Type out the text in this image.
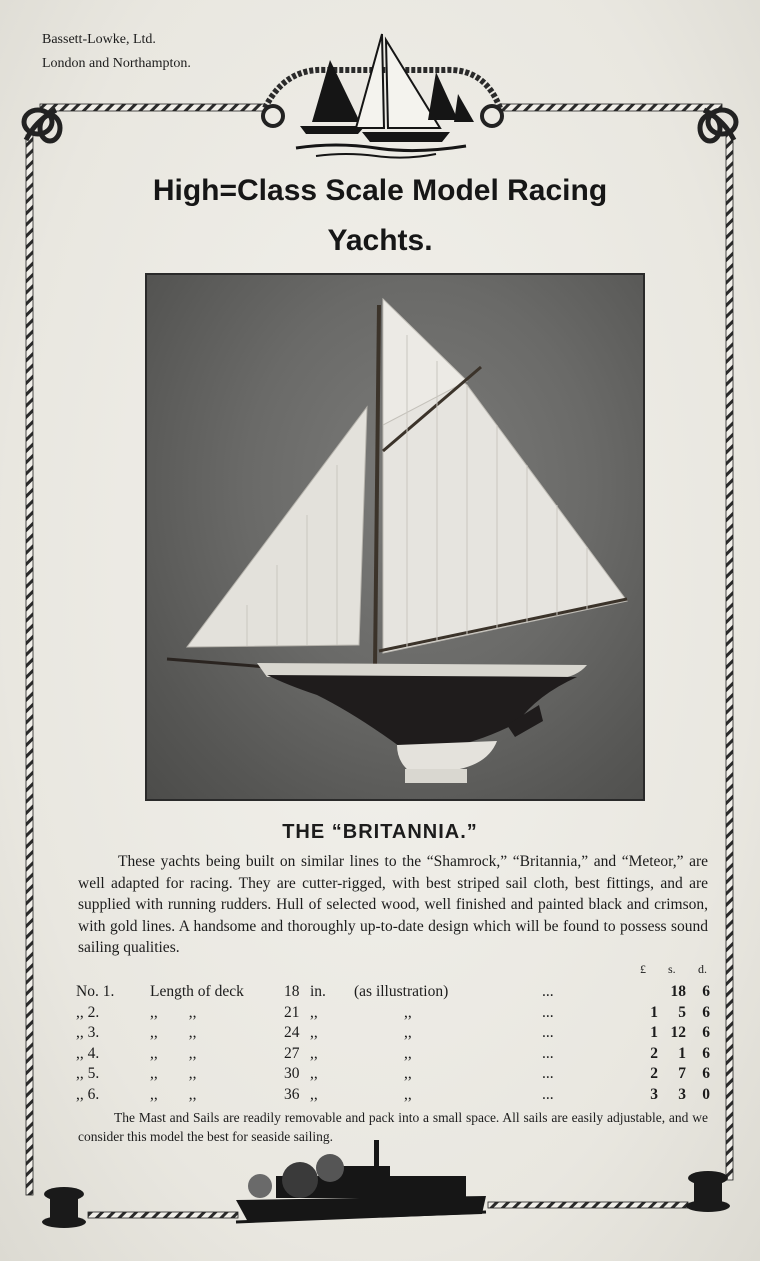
Bassett-Lowke, Ltd.
London and Northampton.
High=Class Scale Model Racing
Yachts.
THE “BRITANNIA.”
These yachts being built on similar lines to the “Shamrock,” “Britannia,” and “Meteor,” are well adapted for racing. They are cutter-rigged, with best striped sail cloth, best fittings, and are supplied with running rudders. Hull of selected wood, well finished and painted black and crimson, with gold lines. A handsome and thoroughly up-to-date design which will be found to possess sound sailing qualities.
£ s. d.
No. 1.	Length of deck	18	in.	(as illustration)	...		18	6
,, 2.	,,        ,,	21	,,	,,	...	1	5	6
,, 3.	,,        ,,	24	,,	,,	...	1	12	6
,, 4.	,,        ,,	27	,,	,,	...	2	1	6
,, 5.	,,        ,,	30	,,	,,	...	2	7	6
,, 6.	,,        ,,	36	,,	,,	...	3	3	0
The Mast and Sails are readily removable and pack into a small space. All sails are easily adjustable, and we consider this model the best for seaside sailing.
